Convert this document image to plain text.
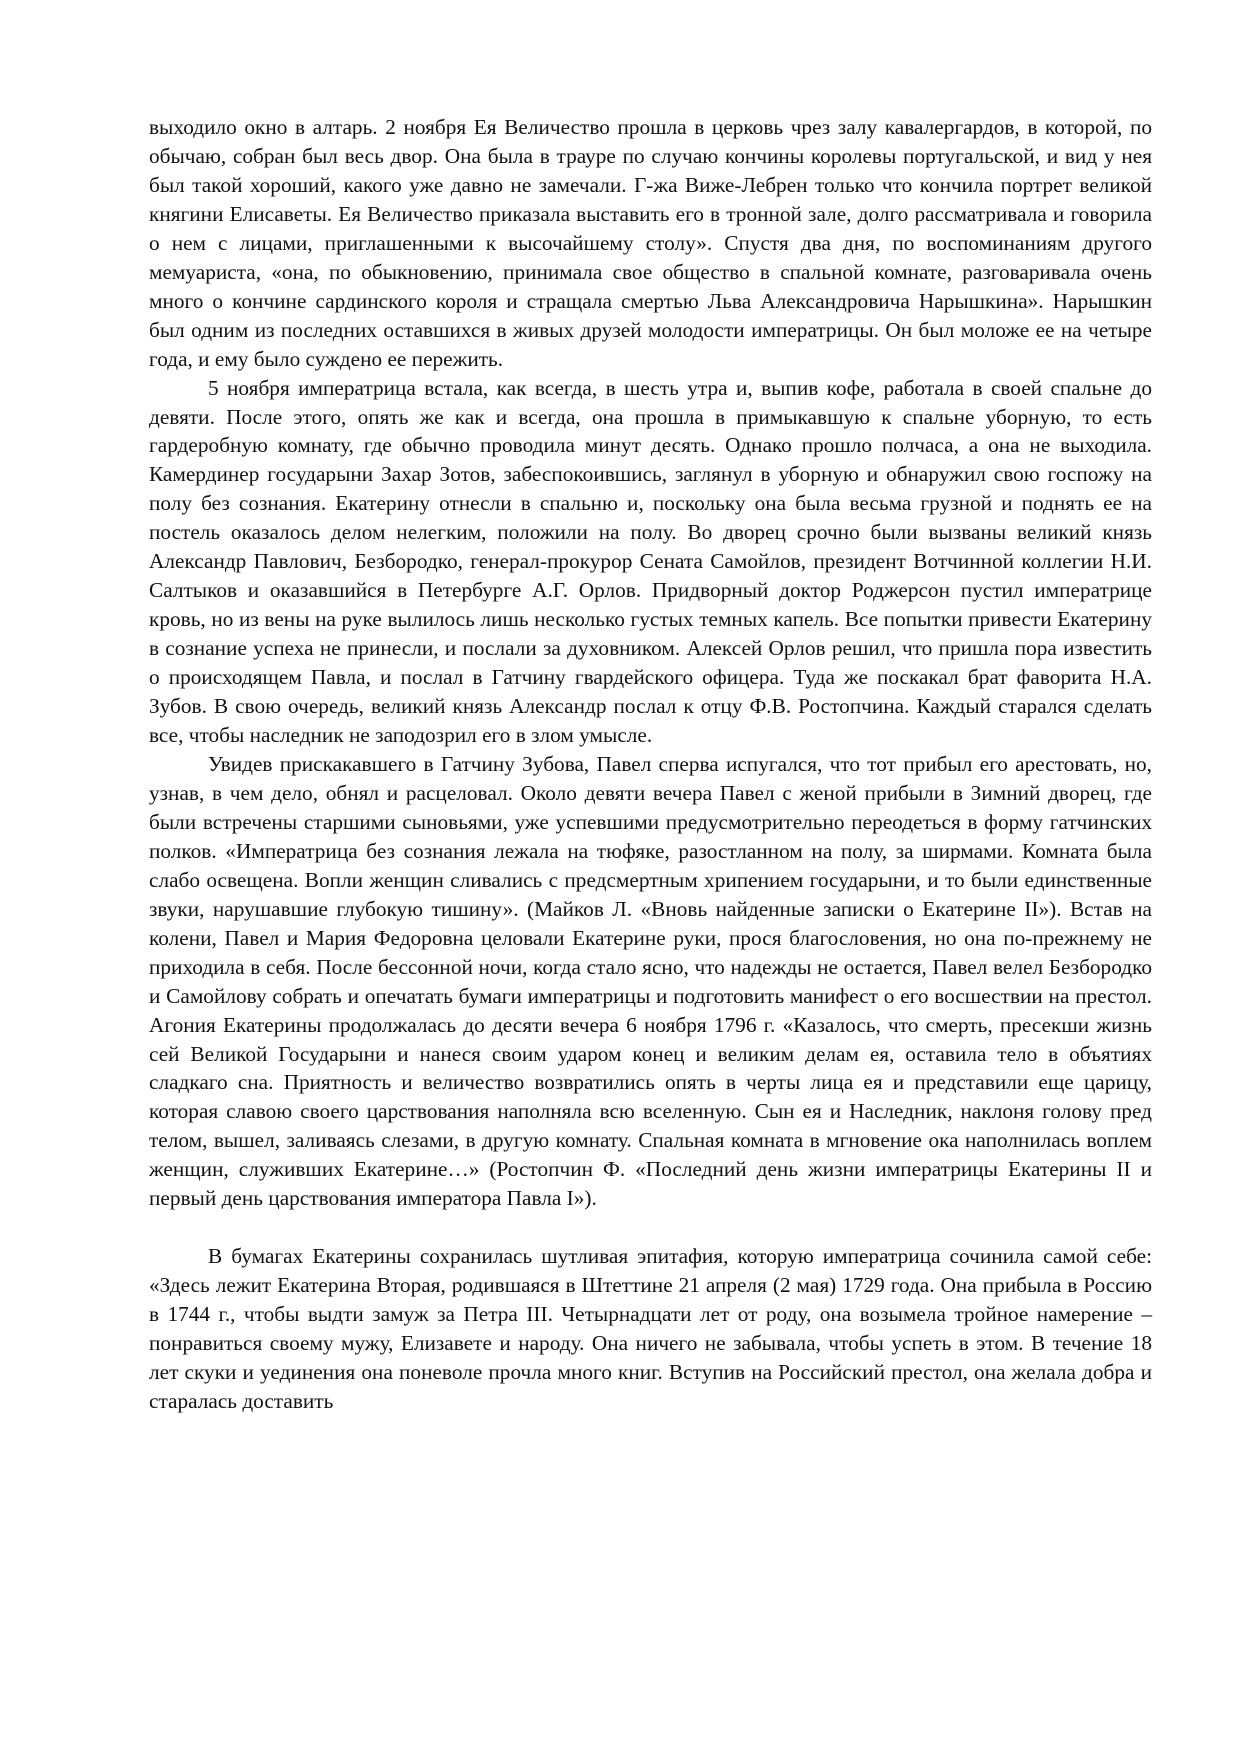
выходило окно в алтарь. 2 ноября Ея Величество прошла в церковь чрез залу кавалергардов, в которой, по обычаю, собран был весь двор. Она была в трауре по случаю кончины королевы португальской, и вид у нея был такой хороший, какого уже давно не замечали. Г-жа Виже-Лебрен только что кончила портрет великой княгини Елисаветы. Ея Величество приказала выставить его в тронной зале, долго рассматривала и говорила о нем с лицами, приглашенными к высочайшему столу». Спустя два дня, по воспоминаниям другого мемуариста, «она, по обыкновению, принимала свое общество в спальной комнате, разговаривала очень много о кончине сардинского короля и стращала смертью Льва Александровича Нарышкина». Нарышкин был одним из последних оставшихся в живых друзей молодости императрицы. Он был моложе ее на четыре года, и ему было суждено ее пережить.

5 ноября императрица встала, как всегда, в шесть утра и, выпив кофе, работала в своей спальне до девяти. После этого, опять же как и всегда, она прошла в примыкавшую к спальне уборную, то есть гардеробную комнату, где обычно проводила минут десять. Однако прошло полчаса, а она не выходила. Камердинер государыни Захар Зотов, забеспокоившись, заглянул в уборную и обнаружил свою госпожу на полу без сознания. Екатерину отнесли в спальню и, поскольку она была весьма грузной и поднять ее на постель оказалось делом нелегким, положили на полу. Во дворец срочно были вызваны великий князь Александр Павлович, Безбородко, генерал-прокурор Сената Самойлов, президент Вотчинной коллегии Н.И. Салтыков и оказавшийся в Петербурге А.Г. Орлов. Придворный доктор Роджерсон пустил императрице кровь, но из вены на руке вылилось лишь несколько густых темных капель. Все попытки привести Екатерину в сознание успеха не принесли, и послали за духовником. Алексей Орлов решил, что пришла пора известить о происходящем Павла, и послал в Гатчину гвардейского офицера. Туда же поскакал брат фаворита Н.А. Зубов. В свою очередь, великий князь Александр послал к отцу Ф.В. Ростопчина. Каждый старался сделать все, чтобы наследник не заподозрил его в злом умысле.

Увидев прискакавшего в Гатчину Зубова, Павел сперва испугался, что тот прибыл его арестовать, но, узнав, в чем дело, обнял и расцеловал. Около девяти вечера Павел с женой прибыли в Зимний дворец, где были встречены старшими сыновьями, уже успевшими предусмотрительно переодеться в форму гатчинских полков. «Императрица без сознания лежала на тюфяке, разостланном на полу, за ширмами. Комната была слабо освещена. Вопли женщин сливались с предсмертным хрипением государыни, и то были единственные звуки, нарушавшие глубокую тишину». (Майков Л. «Вновь найденные записки о Екатерине II»). Встав на колени, Павел и Мария Федоровна целовали Екатерине руки, прося благословения, но она по-прежнему не приходила в себя. После бессонной ночи, когда стало ясно, что надежды не остается, Павел велел Безбородко и Самойлову собрать и опечатать бумаги императрицы и подготовить манифест о его восшествии на престол. Агония Екатерины продолжалась до десяти вечера 6 ноября 1796 г. «Казалось, что смерть, пресекши жизнь сей Великой Государыни и нанеся своим ударом конец и великим делам ея, оставила тело в объятиях сладкаго сна. Приятность и величество возвратились опять в черты лица ея и представили еще царицу, которая славою своего царствования наполняла всю вселенную. Сын ея и Наследник, наклоня голову пред телом, вышел, заливаясь слезами, в другую комнату. Спальная комната в мгновение ока наполнилась воплем женщин, служивших Екатерине…» (Ростопчин Ф. «Последний день жизни императрицы Екатерины II и первый день царствования императора Павла I»).

В бумагах Екатерины сохранилась шутливая эпитафия, которую императрица сочинила самой себе: «Здесь лежит Екатерина Вторая, родившаяся в Штеттине 21 апреля (2 мая) 1729 года. Она прибыла в Россию в 1744 г., чтобы выдти замуж за Петра III. Четырнадцати лет от роду, она возымела тройное намерение – понравиться своему мужу, Елизавете и народу. Она ничего не забывала, чтобы успеть в этом. В течение 18 лет скуки и уединения она поневоле прочла много книг. Вступив на Российский престол, она желала добра и старалась доставить
